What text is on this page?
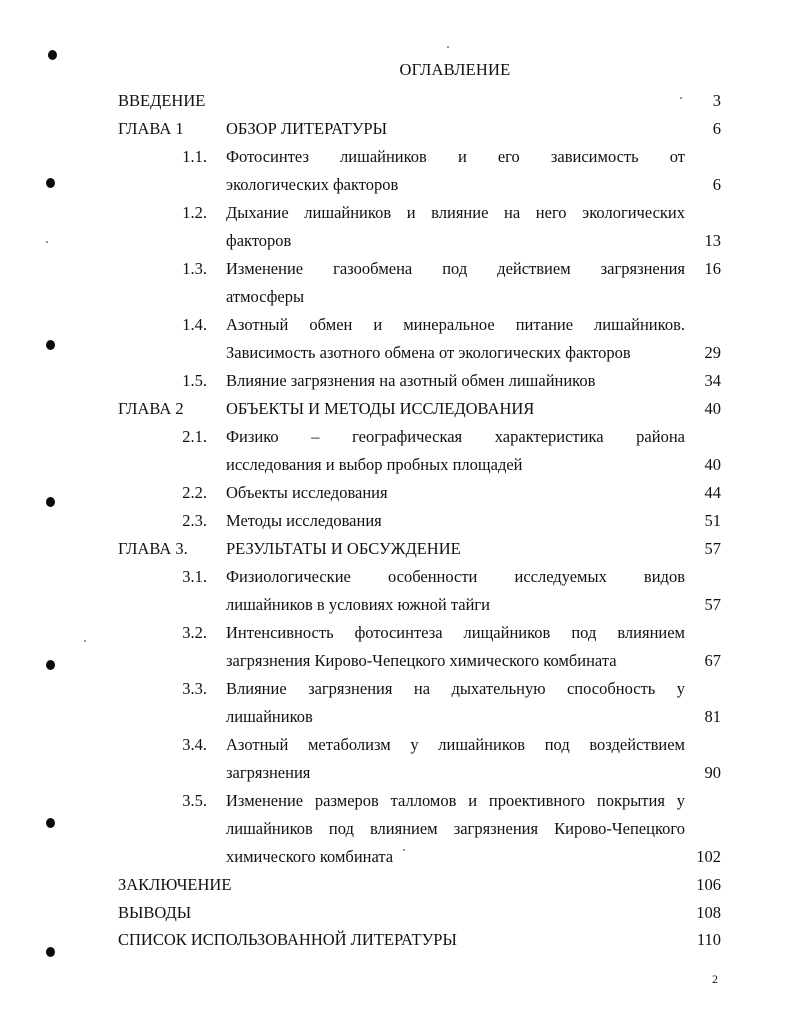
ОГЛАВЛЕНИЕ
ВВЕДЕНИЕ	3
ГЛАВА 1	ОБЗОР ЛИТЕРАТУРЫ	6
1.1. Фотосинтез лишайников и его зависимость от
экологических факторов	6
1.2. Дыхание лишайников и влияние на него экологических
факторов	13
1.3. Изменение газообмена под действием загрязнения	16
атмосферы
1.4. Азотный обмен и минеральное питание лишайников.
Зависимость азотного обмена от экологических факторов	29
1.5. Влияние загрязнения на азотный обмен лишайников	34
ГЛАВА 2	ОБЪЕКТЫ И МЕТОДЫ ИССЛЕДОВАНИЯ	40
2.1. Физико – географическая характеристика района
исследования и выбор пробных площадей	40
2.2. Объекты исследования	44
2.3. Методы исследования	51
ГЛАВА 3. РЕЗУЛЬТАТЫ И ОБСУЖДЕНИЕ	57
3.1. Физиологические особенности исследуемых видов
лишайников в условиях южной тайги	57
3.2. Интенсивность фотосинтеза лищайников под влиянием
загрязнения Кирово-Чепецкого химического комбината	67
3.3. Влияние загрязнения на дыхательную способность у
лишайников	81
3.4. Азотный метаболизм у лишайников под воздействием
загрязнения	90
3.5. Изменение размеров талломов и проективного покрытия у
лишайников под влиянием загрязнения Кирово-Чепецкого
химического комбината	102
ЗАКЛЮЧЕНИЕ	106
ВЫВОДЫ	108
СПИСОК ИСПОЛЬЗОВАННОЙ ЛИТЕРАТУРЫ	110
2
